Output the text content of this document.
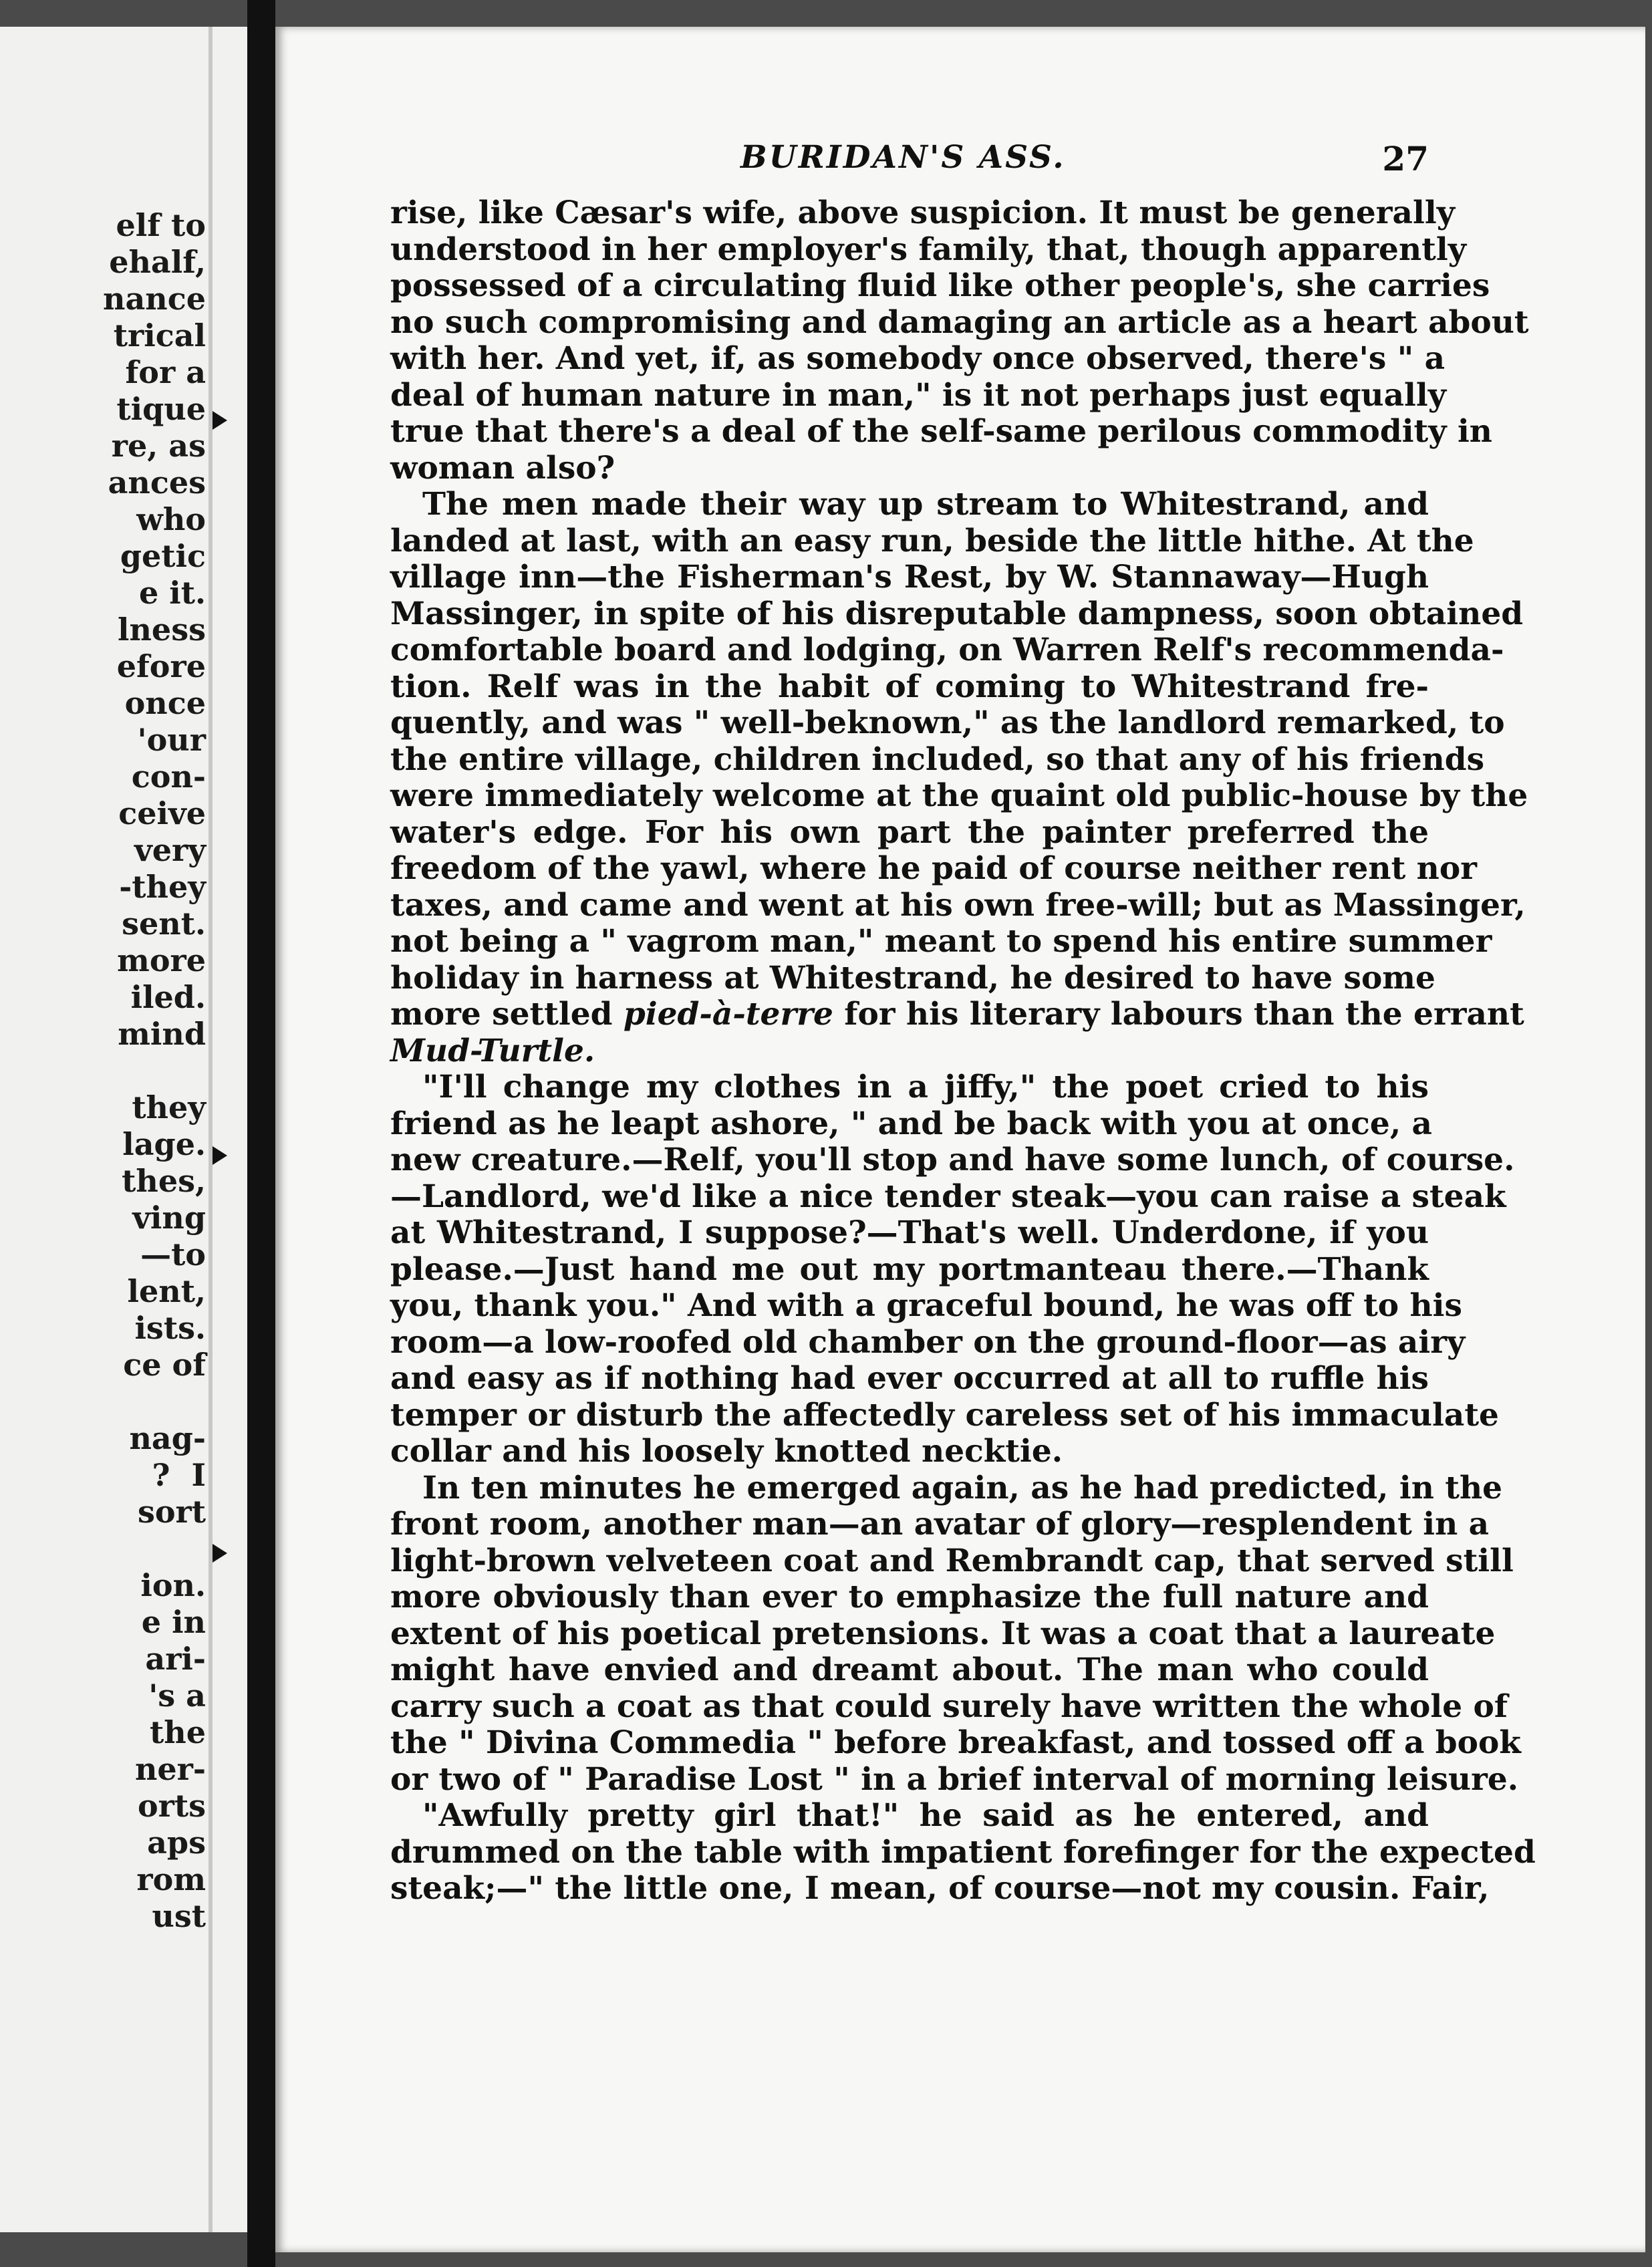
elf to
ehalf,
nance
trical
for a
tique
re, as
ances
who
getic
e it.
lness
efore
once
'our
con-
ceive
very
-they
sent.
more
iled.
mind

they
lage.
thes,
ving
—to
lent,
ists.
ce of

nag-
?  I
sort

ion.
e in
ari-
's a
the
ner-
orts
aps
rom
ust
BURIDAN'S ASS.	27

rise, like Cæsar's wife, above suspicion. It must be generally
understood in her employer's family, that, though apparently
possessed of a circulating fluid like other people's, she carries
no such compromising and damaging an article as a heart about
with her. And yet, if, as somebody once observed, there's " a
deal of human nature in man," is it not perhaps just equally
true that there's a deal of the self-same perilous commodity in
woman also?

The men made their way up stream to Whitestrand, and
landed at last, with an easy run, beside the little hithe. At the
village inn—the Fisherman's Rest, by W. Stannaway—Hugh
Massinger, in spite of his disreputable dampness, soon obtained
comfortable board and lodging, on Warren Relf's recommenda-
tion. Relf was in the habit of coming to Whitestrand fre-
quently, and was " well-beknown," as the landlord remarked, to
the entire village, children included, so that any of his friends
were immediately welcome at the quaint old public-house by the
water's edge. For his own part the painter preferred the
freedom of the yawl, where he paid of course neither rent nor
taxes, and came and went at his own free-will; but as Massinger,
not being a " vagrom man," meant to spend his entire summer
holiday in harness at Whitestrand, he desired to have some
more settled pied-à-terre for his literary labours than the errant
Mud-Turtle.

"I'll change my clothes in a jiffy," the poet cried to his
friend as he leapt ashore, " and be back with you at once, a
new creature.—Relf, you'll stop and have some lunch, of course.
—Landlord, we'd like a nice tender steak—you can raise a steak
at Whitestrand, I suppose?—That's well. Underdone, if you
please.—Just hand me out my portmanteau there.—Thank
you, thank you." And with a graceful bound, he was off to his
room—a low-roofed old chamber on the ground-floor—as airy
and easy as if nothing had ever occurred at all to ruffle his
temper or disturb the affectedly careless set of his immaculate
collar and his loosely knotted necktie.

In ten minutes he emerged again, as he had predicted, in the
front room, another man—an avatar of glory—resplendent in a
light-brown velveteen coat and Rembrandt cap, that served still
more obviously than ever to emphasize the full nature and
extent of his poetical pretensions. It was a coat that a laureate
might have envied and dreamt about. The man who could
carry such a coat as that could surely have written the whole of
the " Divina Commedia " before breakfast, and tossed off a book
or two of " Paradise Lost " in a brief interval of morning leisure.

"Awfully pretty girl that!" he said as he entered, and
drummed on the table with impatient forefinger for the expected
steak;—" the little one, I mean, of course—not my cousin. Fair,
